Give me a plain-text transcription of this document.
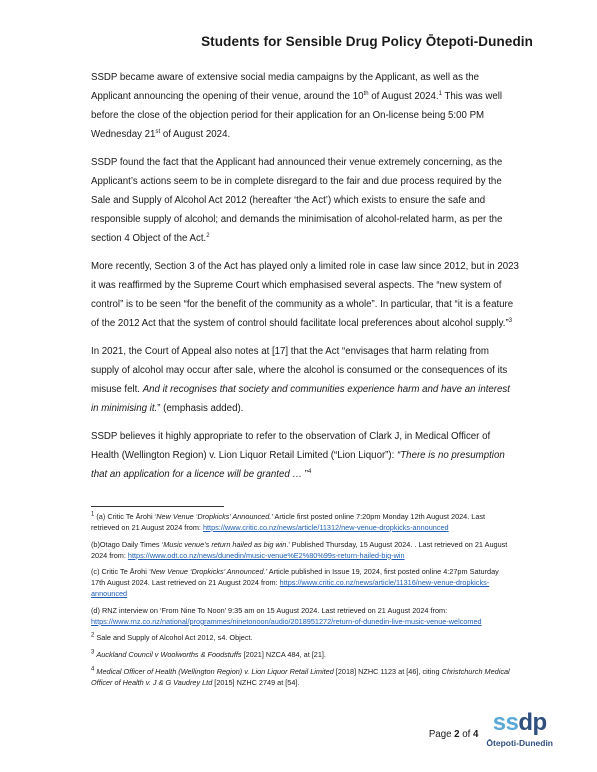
Students for Sensible Drug Policy Ōtepoti-Dunedin

SSDP became aware of extensive social media campaigns by the Applicant, as well as the Applicant announcing the opening of their venue, around the 10th of August 2024.$^1$ This was well before the close of the objection period for their application for an On-license being 5:00 PM Wednesday 21st of August 2024.

SSDP found the fact that the Applicant had announced their venue extremely concerning, as the Applicant’s actions seem to be in complete disregard to the fair and due process required by the Sale and Supply of Alcohol Act 2012 (hereafter ‘the Act’) which exists to ensure the safe and responsible supply of alcohol; and demands the minimisation of alcohol-related harm, as per the section 4 Object of the Act.$^2$

More recently, Section 3 of the Act has played only a limited role in case law since 2012, but in 2023 it was reaffirmed by the Supreme Court which emphasised several aspects. The “new system of control” is to be seen “for the benefit of the community as a whole”. In particular, that “it is a feature of the 2012 Act that the system of control should facilitate local preferences about alcohol supply.”$^3$

In 2021, the Court of Appeal also notes at [17] that the Act “envisages that harm relating from supply of alcohol may occur after sale, where the alcohol is consumed or the consequences of its misuse felt. And it recognises that society and communities experience harm and have an interest in minimising it.” (emphasis added).

SSDP believes it highly appropriate to refer to the observation of Clark J, in Medical Officer of Health (Wellington Region) v. Lion Liquor Retail Limited (“Lion Liquor”): “There is no presumption that an application for a licence will be granted … ”$^4$

$^1$ (a) Critic Te Ārohi ‘New Venue ‘Dropkicks’ Announced.’ Article first posted online 7:20pm Monday 12th August 2024. Last retrieved on 21 August 2024 from: https://www.critic.co.nz/news/article/11312/new-venue-dropkicks-announced

(b)Otago Daily Times ‘Music venue’s return hailed as big win.’ Published Thursday, 15 August 2024. . Last retrieved on 21 August 2024 from: https://www.odt.co.nz/news/dunedin/music-venue%E2%80%99s-return-hailed-big-win

(c) Critic Te Ārohi ‘New Venue ‘Dropkicks’ Announced.’ Article published in Issue 19, 2024, first posted online 4:27pm Saturday 17th August 2024. Last retrieved on 21 August 2024 from: https://www.critic.co.nz/news/article/11316/new-venue-dropkicks-announced

(d) RNZ interview on ‘From Nine To Noon’ 9:35 am on 15 August 2024. Last retrieved on 21 August 2024 from: https://www.rnz.co.nz/national/programmes/ninetonoon/audio/2018951272/return-of-dunedin-live-music-venue-welcomed

$^2$ Sale and Supply of Alcohol Act 2012, s4. Object.

$^3$ Auckland Council v Woolworths & Foodstuffs [2021] NZCA 484, at [21].

$^4$ Medical Officer of Health (Wellington Region) v. Lion Liquor Retail Limited [2018] NZHC 1123 at [46], citing Christchurch Medical Officer of Health v. J & G Vaudrey Ltd [2015] NZHC 2749 at [54].

Page 2 of 4 ssdp
Ōtepoti-Dunedin
